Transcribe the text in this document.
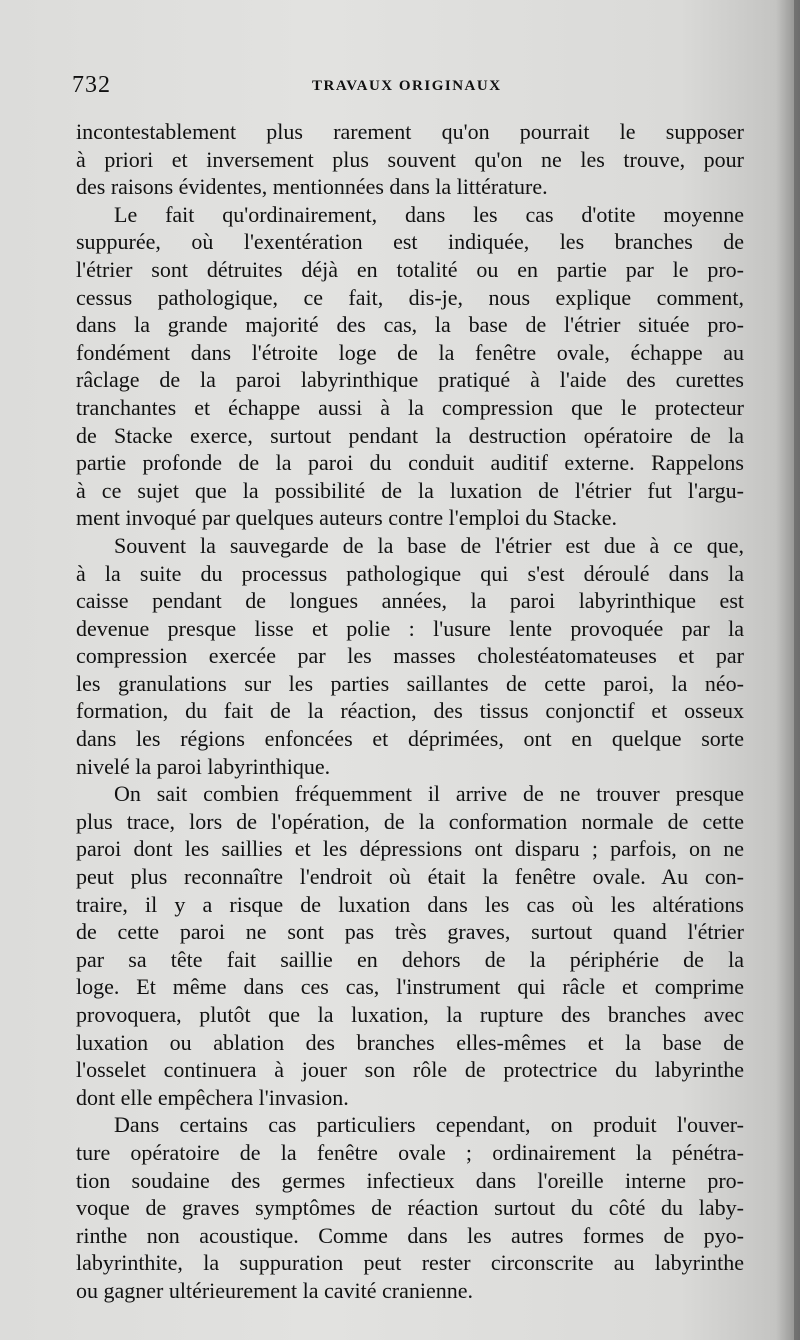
732	TRAVAUX ORIGINAUX
incontestablement plus rarement qu'on pourrait le supposer
à priori et inversement plus souvent qu'on ne les trouve, pour
des raisons évidentes, mentionnées dans la littérature.
Le fait qu'ordinairement, dans les cas d'otite moyenne
suppurée, où l'exentération est indiquée, les branches de
l'étrier sont détruites déjà en totalité ou en partie par le pro-
cessus pathologique, ce fait, dis-je, nous explique comment,
dans la grande majorité des cas, la base de l'étrier située pro-
fondément dans l'étroite loge de la fenêtre ovale, échappe au
râclage de la paroi labyrinthique pratiqué à l'aide des curettes
tranchantes et échappe aussi à la compression que le protecteur
de Stacke exerce, surtout pendant la destruction opératoire de la
partie profonde de la paroi du conduit auditif externe. Rappelons
à ce sujet que la possibilité de la luxation de l'étrier fut l'argu-
ment invoqué par quelques auteurs contre l'emploi du Stacke.
Souvent la sauvegarde de la base de l'étrier est due à ce que,
à la suite du processus pathologique qui s'est déroulé dans la
caisse pendant de longues années, la paroi labyrinthique est
devenue presque lisse et polie : l'usure lente provoquée par la
compression exercée par les masses cholestéatomateuses et par
les granulations sur les parties saillantes de cette paroi, la néo-
formation, du fait de la réaction, des tissus conjonctif et osseux
dans les régions enfoncées et déprimées, ont en quelque sorte
nivelé la paroi labyrinthique.
On sait combien fréquemment il arrive de ne trouver presque
plus trace, lors de l'opération, de la conformation normale de cette
paroi dont les saillies et les dépressions ont disparu ; parfois, on ne
peut plus reconnaître l'endroit où était la fenêtre ovale. Au con-
traire, il y a risque de luxation dans les cas où les altérations
de cette paroi ne sont pas très graves, surtout quand l'étrier
par sa tête fait saillie en dehors de la périphérie de la
loge. Et même dans ces cas, l'instrument qui râcle et comprime
provoquera, plutôt que la luxation, la rupture des branches avec
luxation ou ablation des branches elles-mêmes et la base de
l'osselet continuera à jouer son rôle de protectrice du labyrinthe
dont elle empêchera l'invasion.
Dans certains cas particuliers cependant, on produit l'ouver-
ture opératoire de la fenêtre ovale ; ordinairement la pénétra-
tion soudaine des germes infectieux dans l'oreille interne pro-
voque de graves symptômes de réaction surtout du côté du laby-
rinthe non acoustique. Comme dans les autres formes de pyo-
labyrinthite, la suppuration peut rester circonscrite au labyrinthe
ou gagner ultérieurement la cavité cranienne.
